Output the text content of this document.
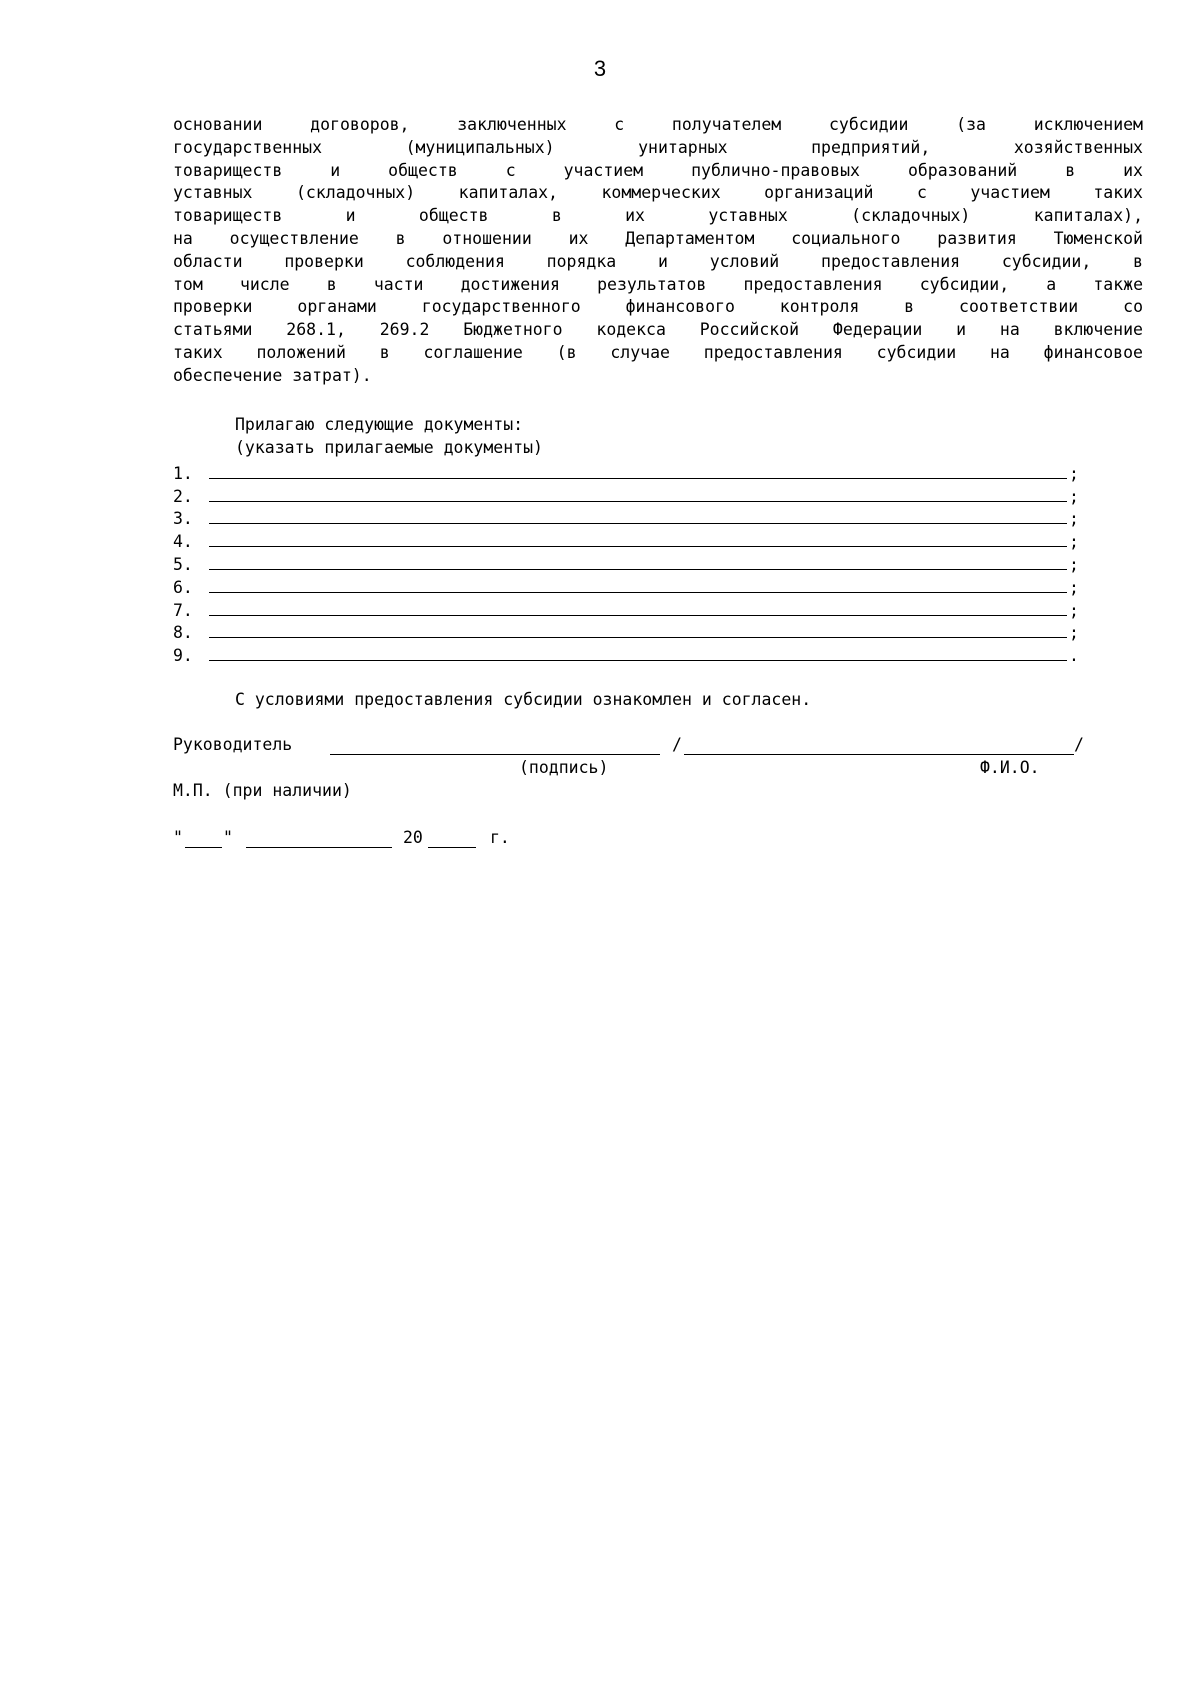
3
основании договоров, заключенных с получателем субсидии (за исключением
государственных (муниципальных) унитарных предприятий, хозяйственных
товариществ и обществ с участием публично-правовых образований в их
уставных (складочных) капиталах, коммерческих организаций с участием таких
товариществ и обществ в их уставных (складочных) капиталах),
на осуществление в отношении их Департаментом социального развития Тюменской
области проверки соблюдения порядка и условий предоставления субсидии, в
том числе в части достижения результатов предоставления субсидии, а также
проверки органами государственного финансового контроля в соответствии со
статьями 268.1, 269.2 Бюджетного кодекса Российской Федерации и на включение
таких положений в соглашение (в случае предоставления субсидии на финансовое
обеспечение затрат).
Прилагаю следующие документы:
(указать прилагаемые документы)
1.	;
2.	;
3.	;
4.	;
5.	;
6.	;
7.	;
8.	;
9.	.
С условиями предоставления субсидии ознакомлен и согласен.
Руководитель	/	/
(подпись)	Ф.И.О.
М.П. (при наличии)
" "	20	г.
